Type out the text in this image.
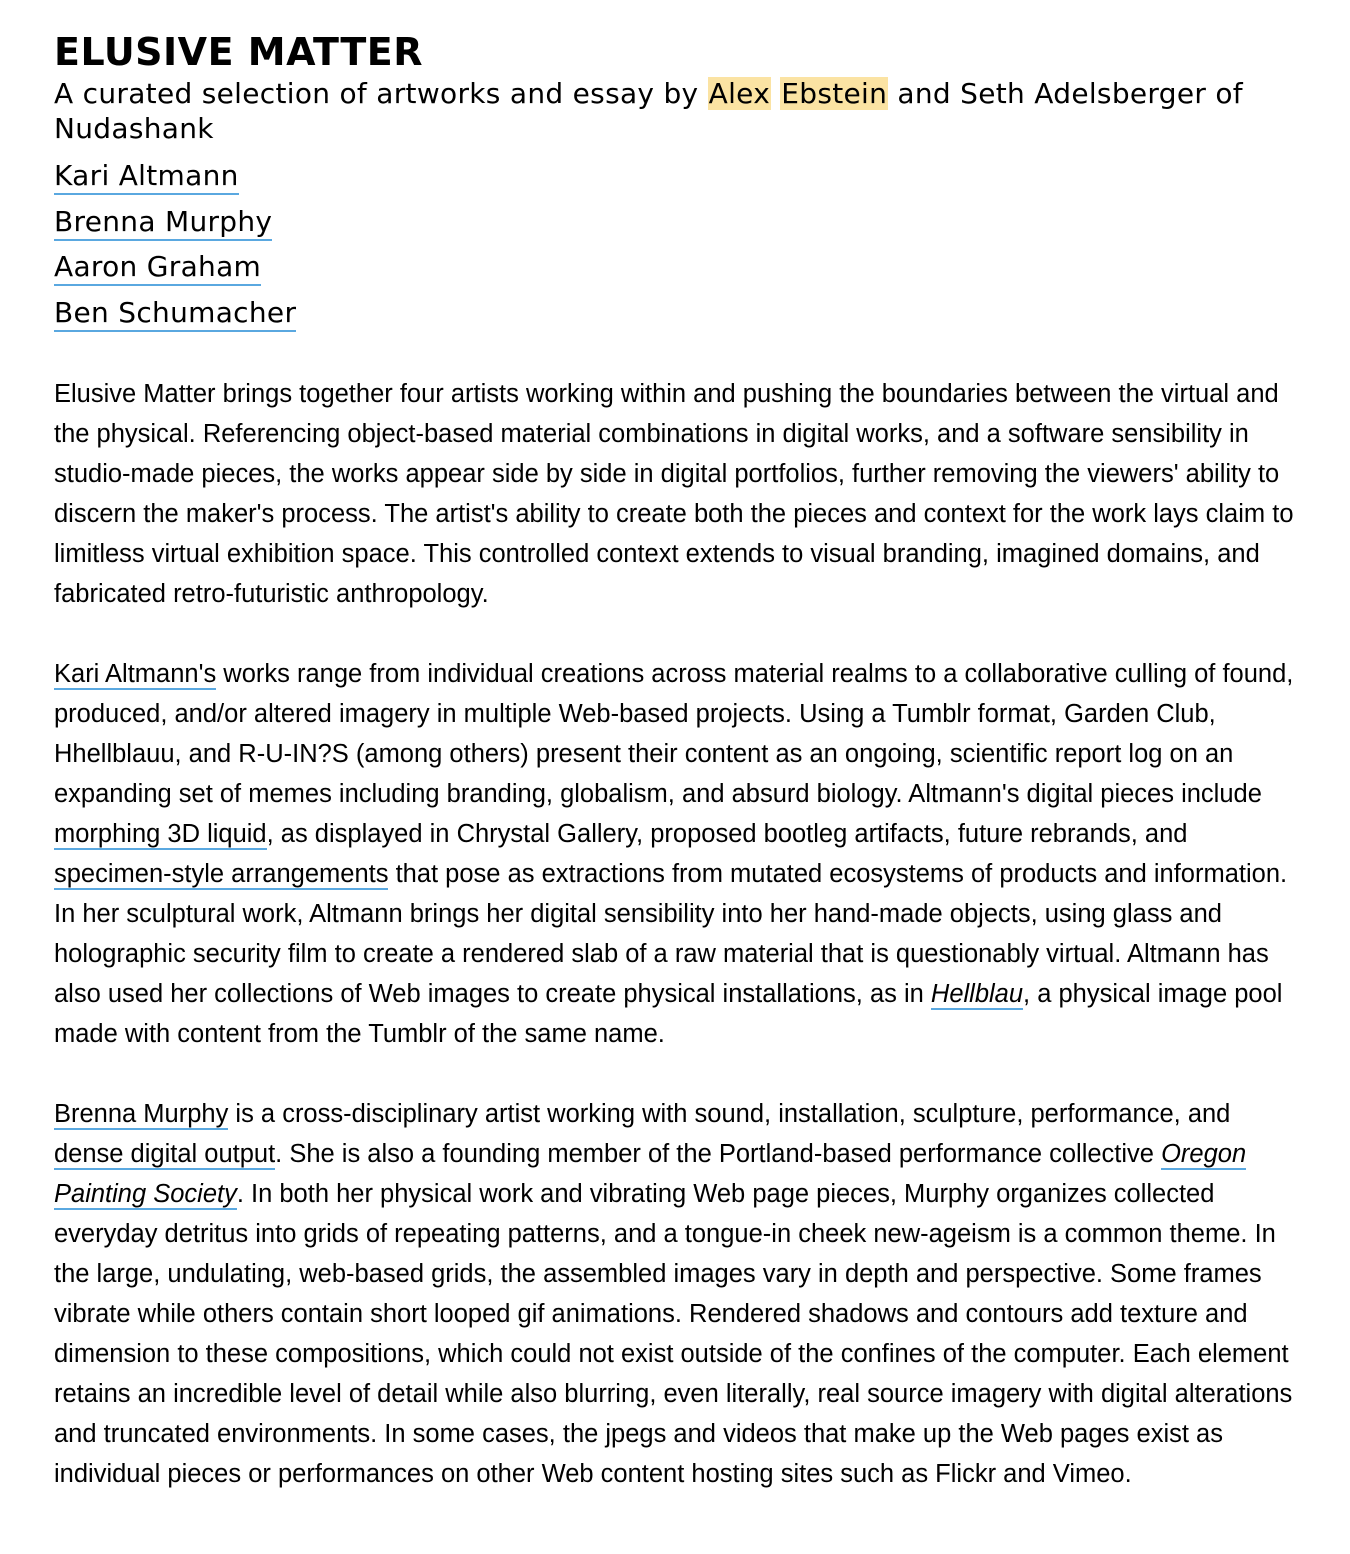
ELUSIVE MATTER

A curated selection of artworks and essay by Alex Ebstein and Seth Adelsberger of Nudashank

Kari Altmann
Brenna Murphy
Aaron Graham
Ben Schumacher

Elusive Matter brings together four artists working within and pushing the boundaries between the virtual and the physical. Referencing object-based material combinations in digital works, and a software sensibility in studio-made pieces, the works appear side by side in digital portfolios, further removing the viewers' ability to discern the maker's process. The artist's ability to create both the pieces and context for the work lays claim to limitless virtual exhibition space. This controlled context extends to visual branding, imagined domains, and fabricated retro-futuristic anthropology.

Kari Altmann's works range from individual creations across material realms to a collaborative culling of found, produced, and/or altered imagery in multiple Web-based projects. Using a Tumblr format, Garden Club, Hhellblauu, and R-U-IN?S (among others) present their content as an ongoing, scientific report log on an expanding set of memes including branding, globalism, and absurd biology. Altmann's digital pieces include morphing 3D liquid, as displayed in Chrystal Gallery, proposed bootleg artifacts, future rebrands, and specimen-style arrangements that pose as extractions from mutated ecosystems of products and information. In her sculptural work, Altmann brings her digital sensibility into her hand-made objects, using glass and holographic security film to create a rendered slab of a raw material that is questionably virtual. Altmann has also used her collections of Web images to create physical installations, as in Hellblau, a physical image pool made with content from the Tumblr of the same name.

Brenna Murphy is a cross-disciplinary artist working with sound, installation, sculpture, performance, and dense digital output. She is also a founding member of the Portland-based performance collective Oregon Painting Society. In both her physical work and vibrating Web page pieces, Murphy organizes collected everyday detritus into grids of repeating patterns, and a tongue-in cheek new-ageism is a common theme. In the large, undulating, web-based grids, the assembled images vary in depth and perspective. Some frames vibrate while others contain short looped gif animations. Rendered shadows and contours add texture and dimension to these compositions, which could not exist outside of the confines of the computer. Each element retains an incredible level of detail while also blurring, even literally, real source imagery with digital alterations and truncated environments. In some cases, the jpegs and videos that make up the Web pages exist as individual pieces or performances on other Web content hosting sites such as Flickr and Vimeo.
